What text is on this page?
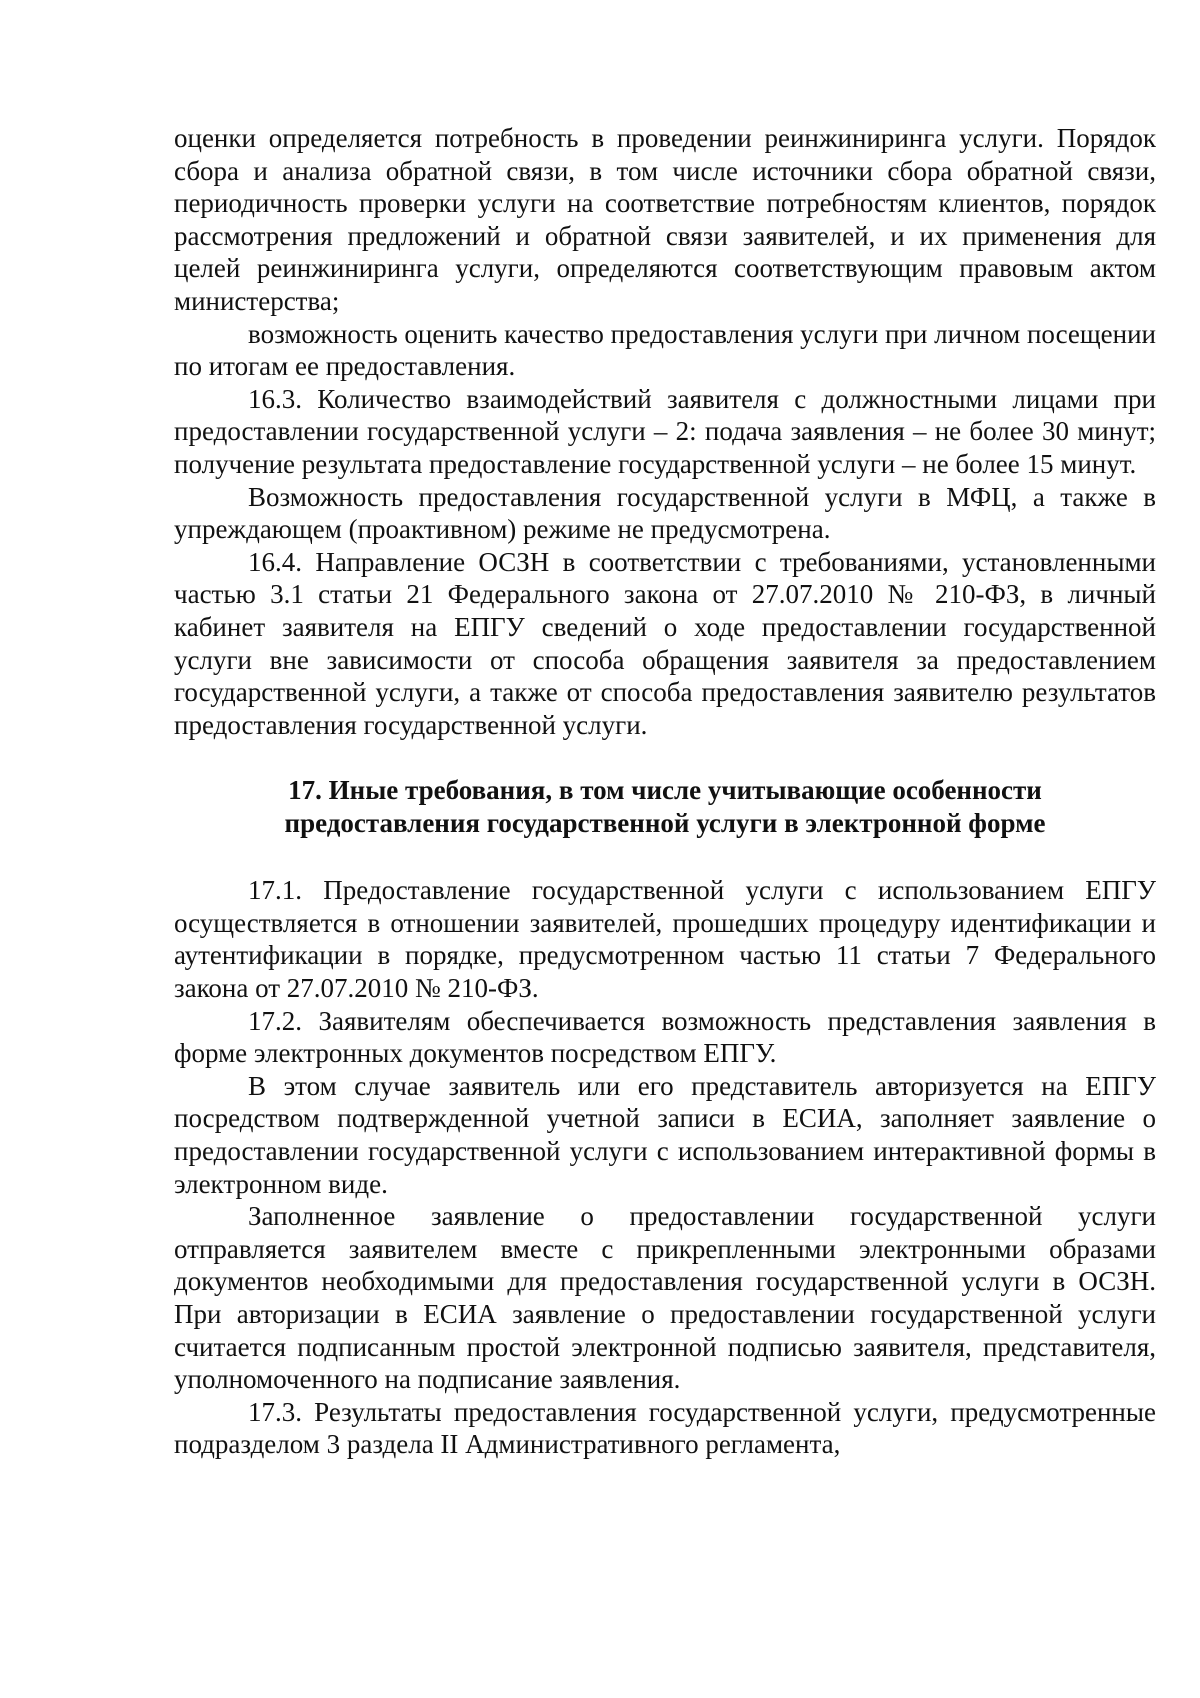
оценки определяется потребность в проведении реинжиниринга услуги. Порядок сбора и анализа обратной связи, в том числе источники сбора обратной связи, периодичность проверки услуги на соответствие потребностям клиентов, порядок рассмотрения предложений и обратной связи заявителей, и их применения для целей реинжиниринга услуги, определяются соответствующим правовым актом министерства;

возможность оценить качество предоставления услуги при личном посещении по итогам ее предоставления.

16.3. Количество взаимодействий заявителя с должностными лицами при предоставлении государственной услуги – 2: подача заявления – не более 30 минут; получение результата предоставление государственной услуги – не более 15 минут.

Возможность предоставления государственной услуги в МФЦ, а также в упреждающем (проактивном) режиме не предусмотрена.

16.4. Направление ОСЗН в соответствии с требованиями, установленными частью 3.1 статьи 21 Федерального закона от 27.07.2010 № 210-ФЗ, в личный кабинет заявителя на ЕПГУ сведений о ходе предоставлении государственной услуги вне зависимости от способа обращения заявителя за предоставлением государственной услуги, а также от способа предоставления заявителю результатов предоставления государственной услуги.

17. Иные требования, в том числе учитывающие особенности

предоставления государственной услуги в электронной форме

17.1. Предоставление государственной услуги с использованием ЕПГУ осуществляется в отношении заявителей, прошедших процедуру идентификации и аутентификации в порядке, предусмотренном частью 11 статьи 7 Федерального закона от 27.07.2010 № 210-ФЗ.

17.2. Заявителям обеспечивается возможность представления заявления в форме электронных документов посредством ЕПГУ.

В этом случае заявитель или его представитель авторизуется на ЕПГУ посредством подтвержденной учетной записи в ЕСИА, заполняет заявление о предоставлении государственной услуги с использованием интерактивной формы в электронном виде.

Заполненное заявление о предоставлении государственной услуги отправляется заявителем вместе с прикрепленными электронными образами документов необходимыми для предоставления государственной услуги в ОСЗН. При авторизации в ЕСИА заявление о предоставлении государственной услуги считается подписанным простой электронной подписью заявителя, представителя, уполномоченного на подписание заявления.

17.3. Результаты предоставления государственной услуги, предусмотренные подразделом 3 раздела II Административного регламента,
